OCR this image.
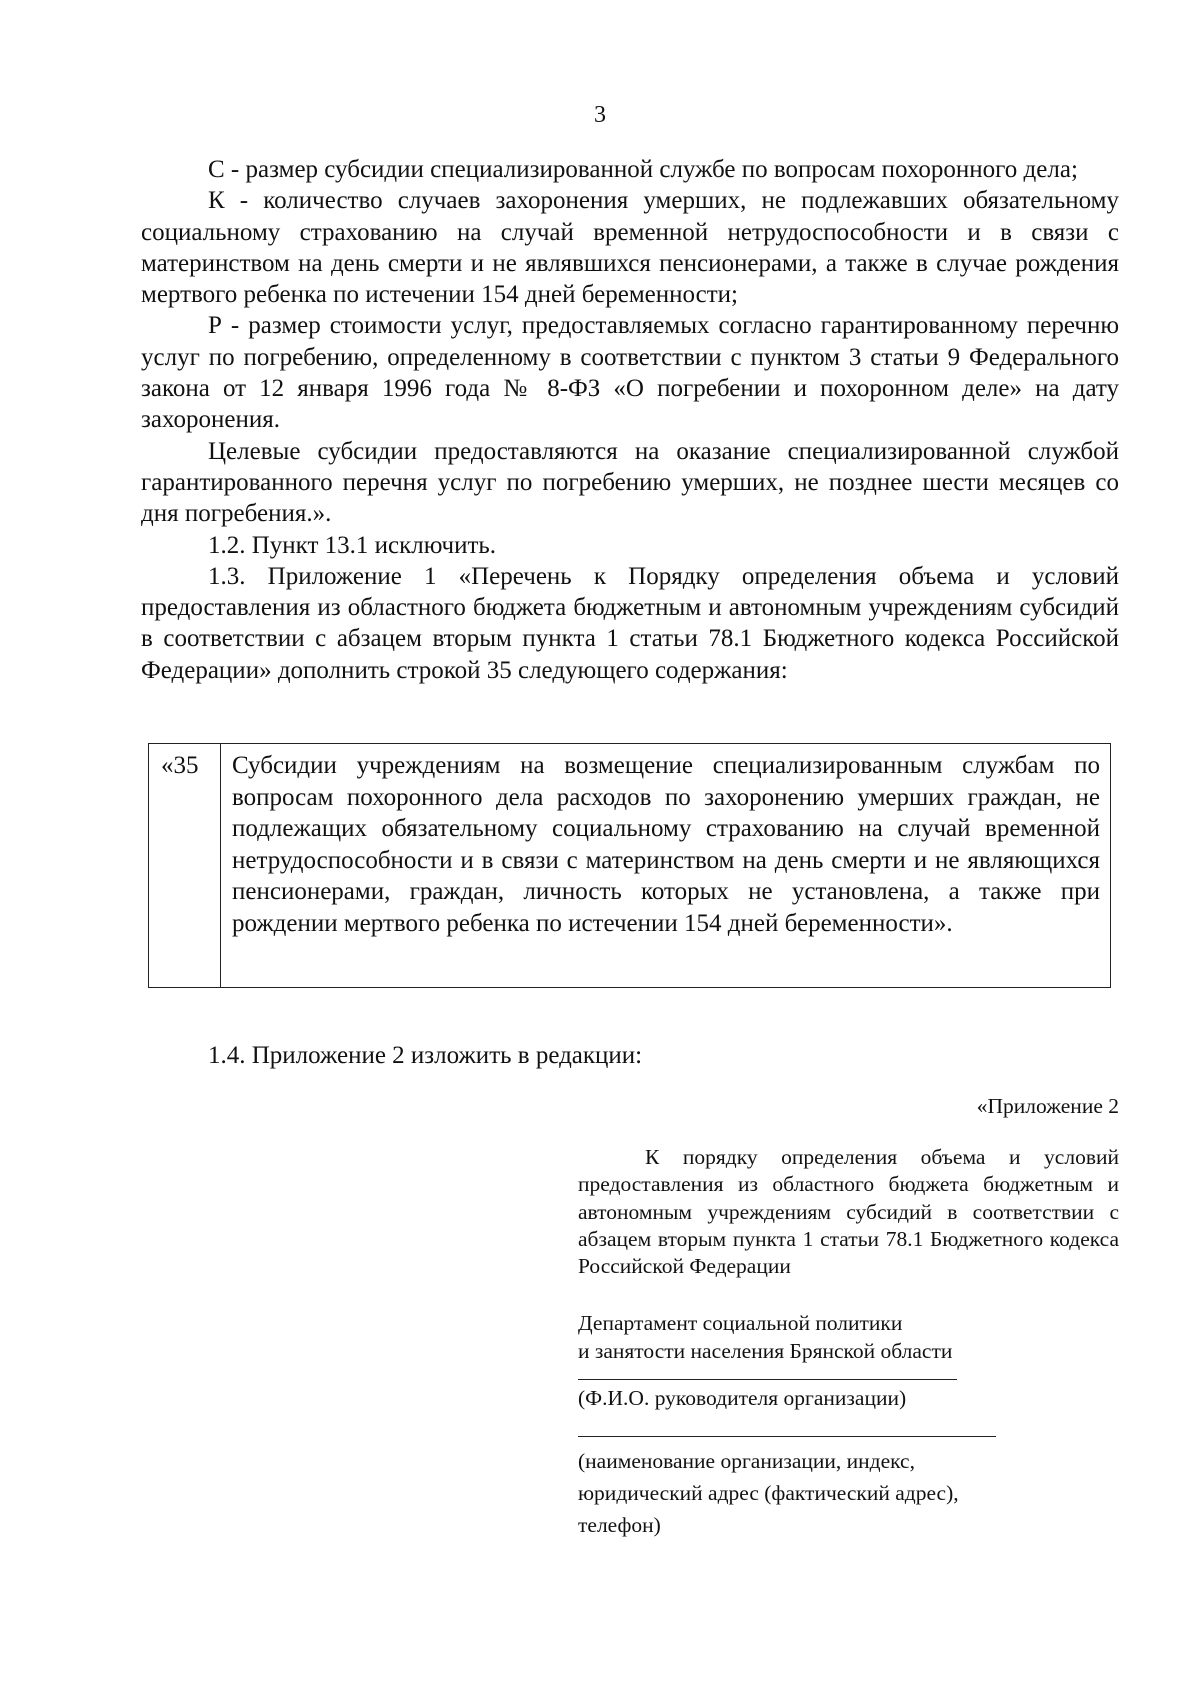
3

С - размер субсидии специализированной службе по вопросам похоронного дела;

К - количество случаев захоронения умерших, не подлежавших обязательному социальному страхованию на случай временной нетрудоспособности и в связи с материнством на день смерти и не являвшихся пенсионерами, а также в случае рождения мертвого ребенка по истечении 154 дней беременности;

Р - размер стоимости услуг, предоставляемых согласно гарантированному перечню услуг по погребению, определенному в соответствии с пунктом 3 статьи 9 Федерального закона от 12 января 1996 года № 8-ФЗ «О погребении и похоронном деле» на дату захоронения.

Целевые субсидии предоставляются на оказание специализированной службой гарантированного перечня услуг по погребению умерших, не позднее шести месяцев со дня погребения.».

1.2. Пункт 13.1 исключить.

1.3. Приложение 1 «Перечень к Порядку определения объема и условий предоставления из областного бюджета бюджетным и автономным учреждениям субсидий в соответствии с абзацем вторым пункта 1 статьи 78.1 Бюджетного кодекса Российской Федерации» дополнить строкой 35 следующего содержания:

«35	Субсидии учреждениям на возмещение специализированным службам по вопросам похоронного дела расходов по захоронению умерших граждан, не подлежащих обязательному социальному страхованию на случай временной нетрудоспособности и в связи с материнством на день смерти и не являющихся пенсионерами, граждан, личность которых не установлена, а также при рождении мертвого ребенка по истечении 154 дней беременности».
1.4. Приложение 2 изложить в редакции:
«Приложение 2
К порядку определения объема и условий предоставления из областного бюджета бюджетным и автономным учреждениям субсидий в соответствии с абзацем вторым пункта 1 статьи 78.1 Бюджетного кодекса Российской Федерации
Департамент социальной политики
и занятости населения Брянской области
(Ф.И.О. руководителя организации)
(наименование организации, индекс,
юридический адрес (фактический адрес),
телефон)
